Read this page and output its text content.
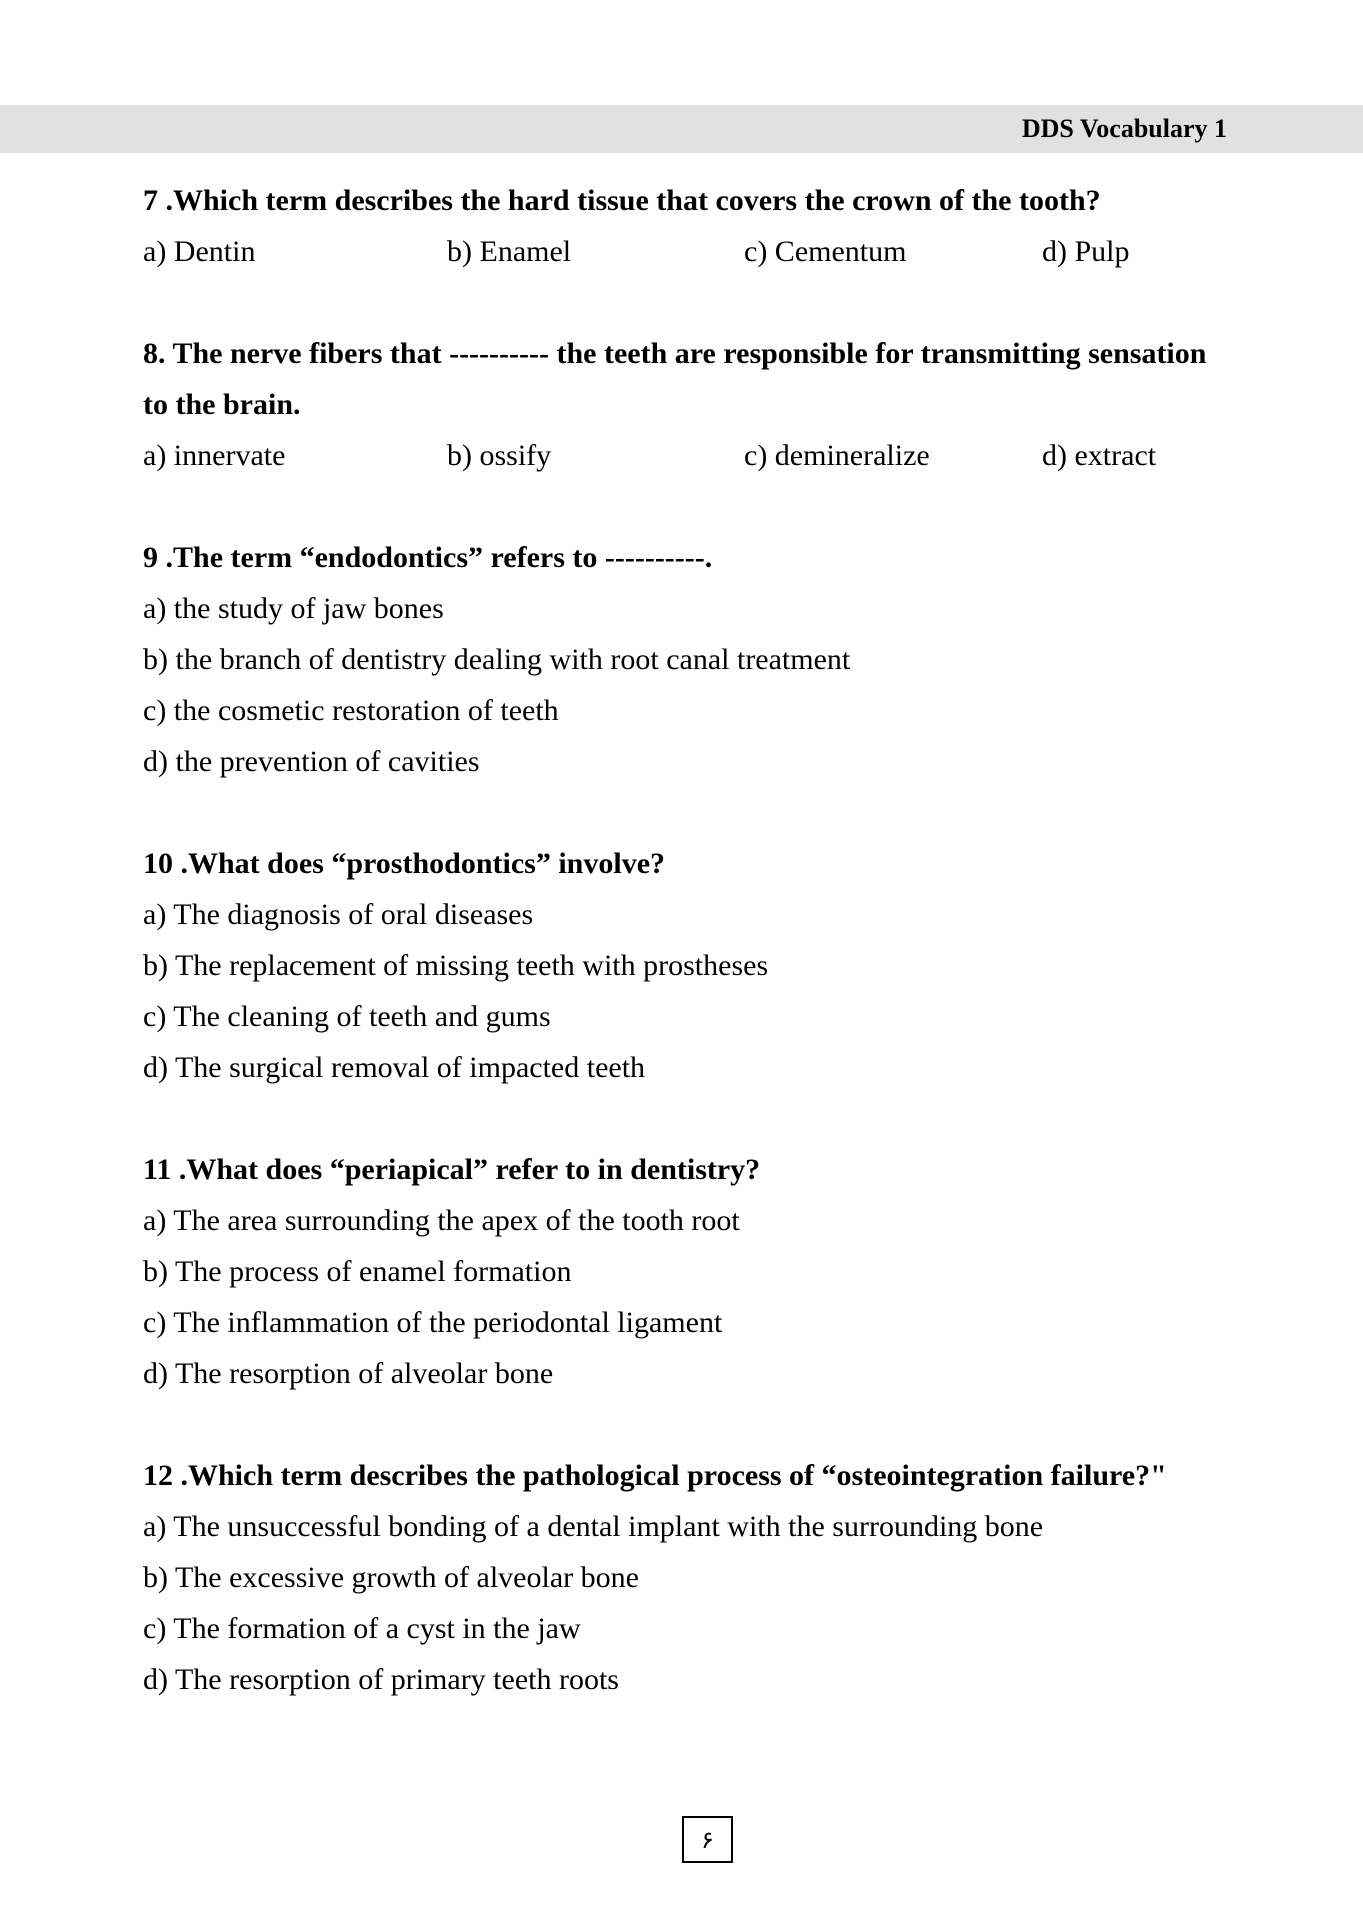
DDS Vocabulary 1

7 .Which term describes the hard tissue that covers the crown of the tooth?

a) Dentin	b) Enamel	c) Cementum	d) Pulp

8. The nerve fibers that ---------- the teeth are responsible for transmitting sensation

to the brain.

a) innervate	b) ossify	c) demineralize	d) extract

9 .The term “endodontics” refers to ----------.

a) the study of jaw bones

b) the branch of dentistry dealing with root canal treatment

c) the cosmetic restoration of teeth

d) the prevention of cavities

10 .What does “prosthodontics” involve?

a) The diagnosis of oral diseases

b) The replacement of missing teeth with prostheses

c) The cleaning of teeth and gums

d) The surgical removal of impacted teeth

11 .What does “periapical” refer to in dentistry?

a) The area surrounding the apex of the tooth root

b) The process of enamel formation

c) The inflammation of the periodontal ligament

d) The resorption of alveolar bone

12 .Which term describes the pathological process of “osteointegration failure?"

a) The unsuccessful bonding of a dental implant with the surrounding bone

b) The excessive growth of alveolar bone

c) The formation of a cyst in the jaw

d) The resorption of primary teeth roots

۶
